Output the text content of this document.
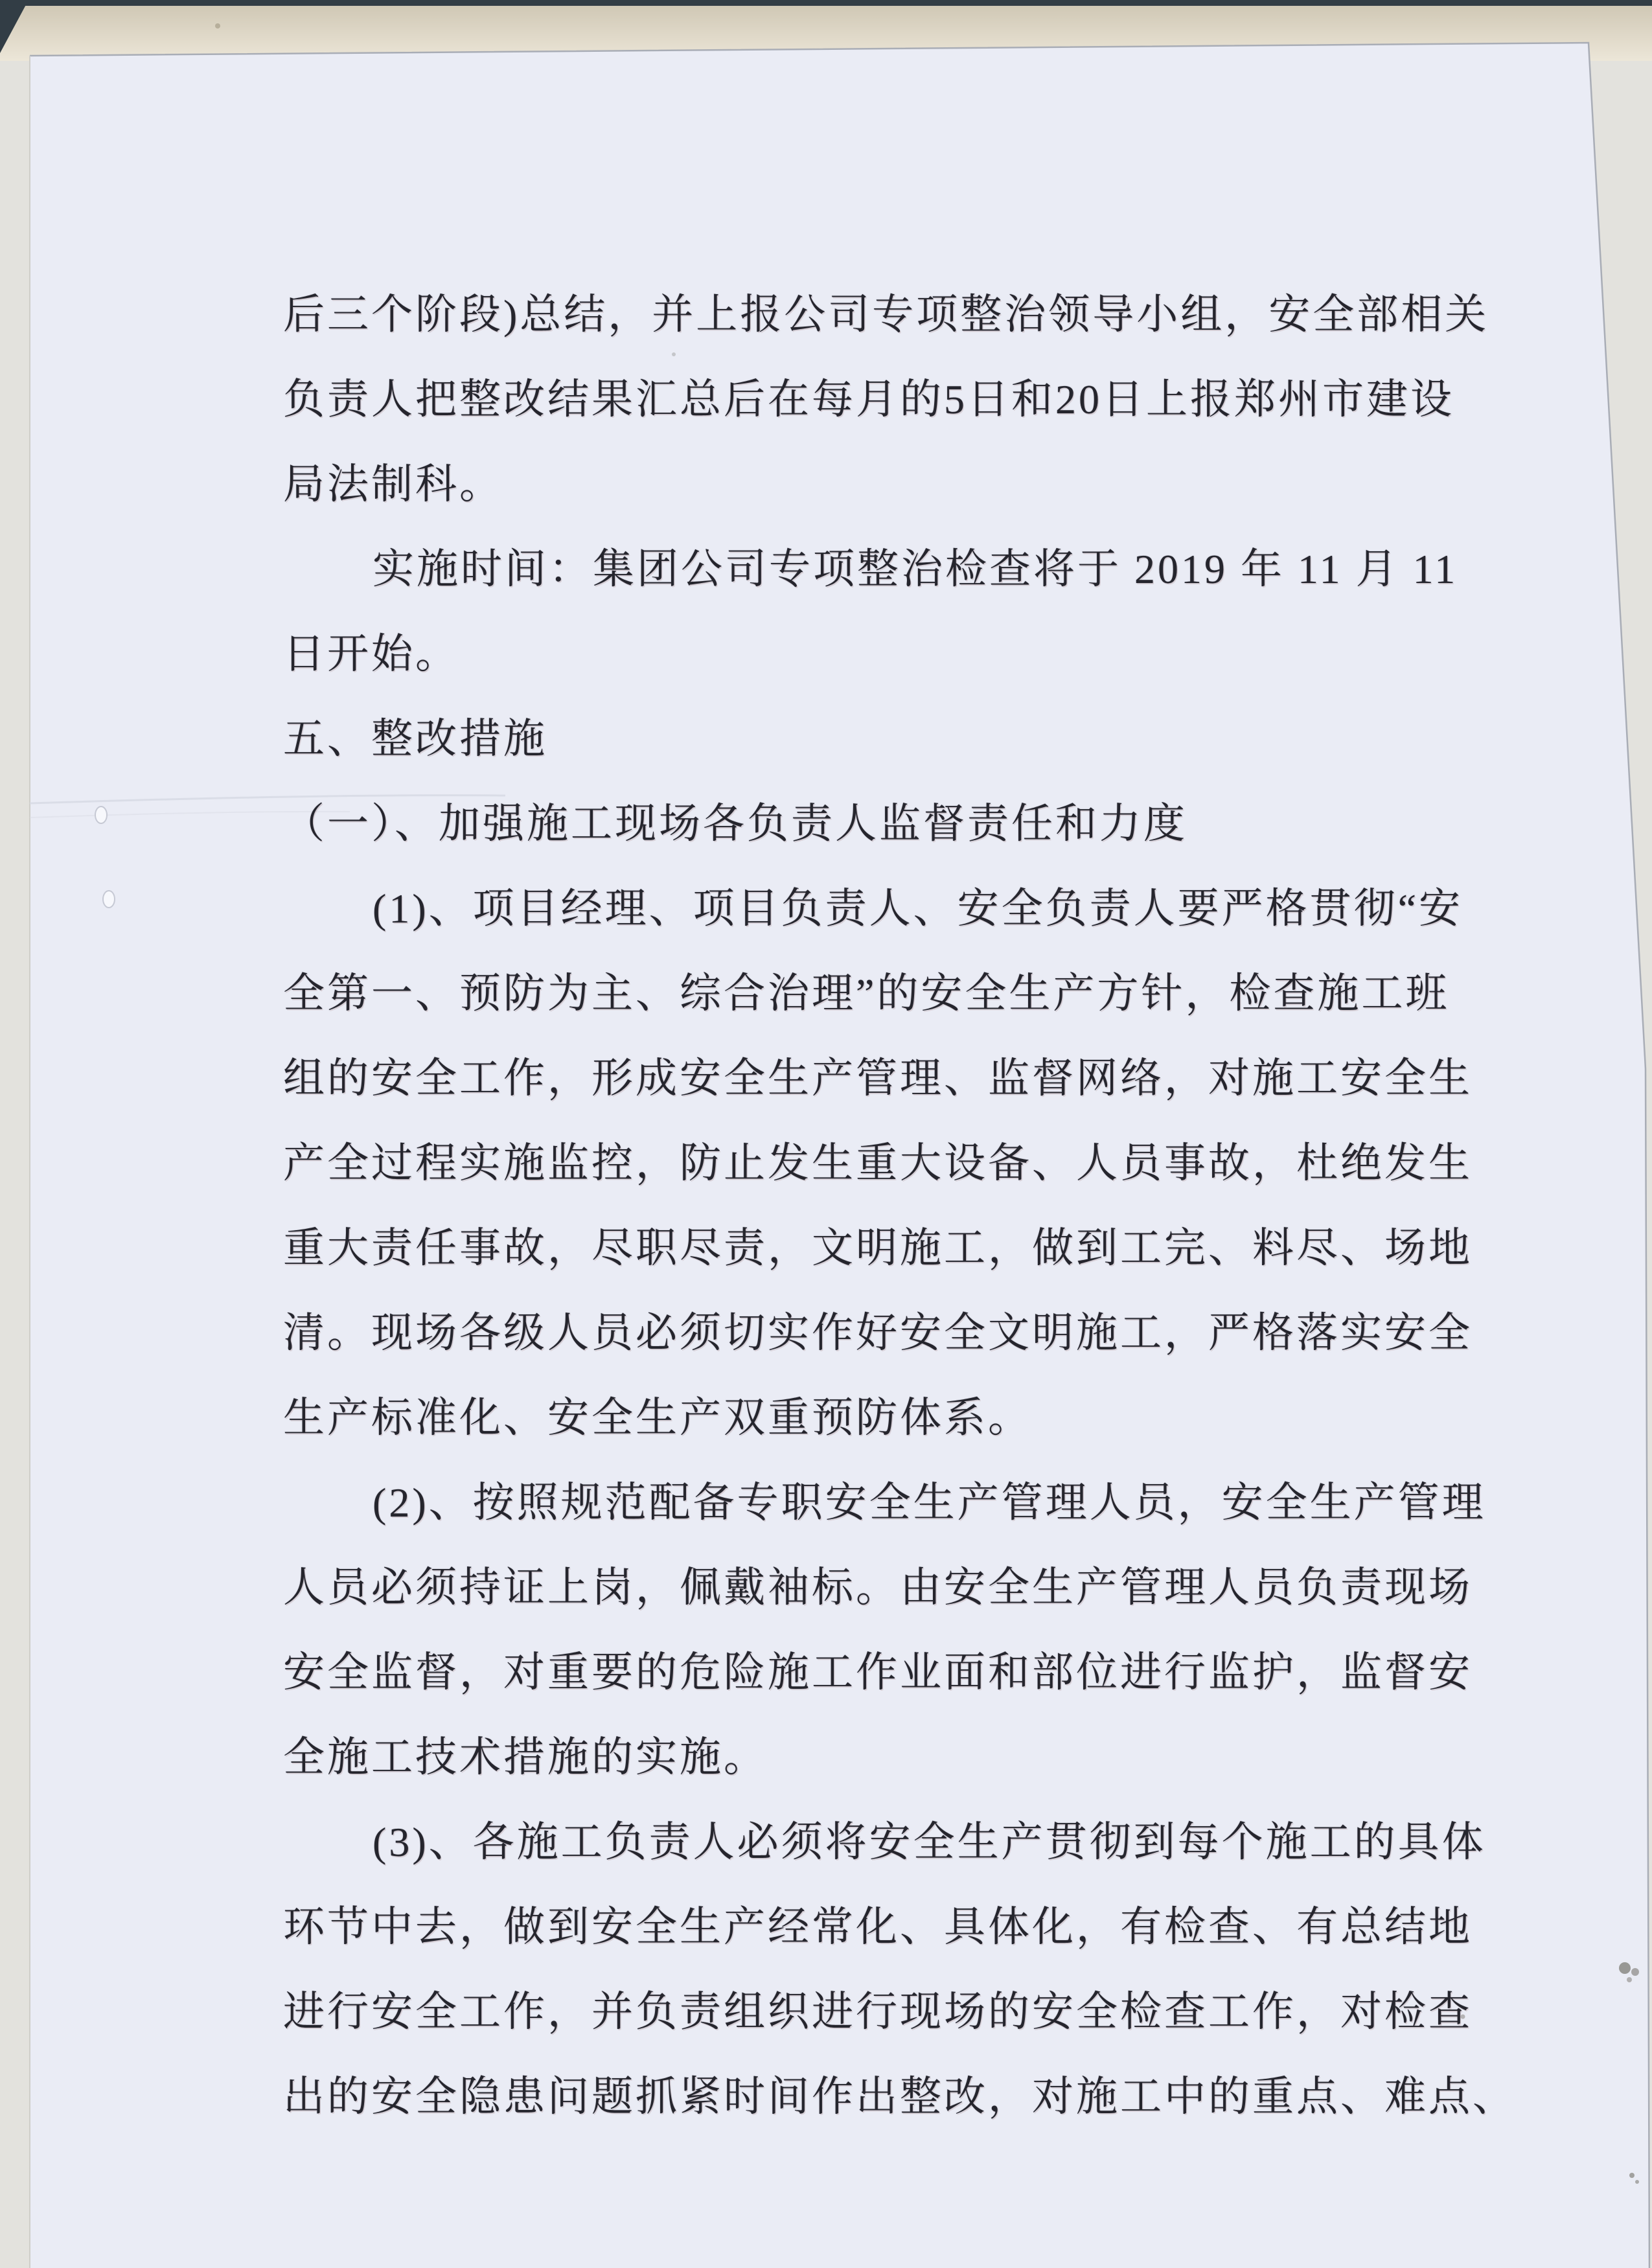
后三个阶段)总结，并上报公司专项整治领导小组，安全部相关
负责人把整改结果汇总后在每月的5日和20日上报郑州市建设
局法制科。
实施时间：集团公司专项整治检查将于 2019 年 11 月 11
日开始。
五、整改措施
（一）、加强施工现场各负责人监督责任和力度
(1)、项目经理、项目负责人、安全负责人要严格贯彻“安
全第一、预防为主、综合治理”的安全生产方针，检查施工班
组的安全工作，形成安全生产管理、监督网络，对施工安全生
产全过程实施监控，防止发生重大设备、人员事故，杜绝发生
重大责任事故，尽职尽责，文明施工，做到工完、料尽、场地
清。现场各级人员必须切实作好安全文明施工，严格落实安全
生产标准化、安全生产双重预防体系。
(2)、按照规范配备专职安全生产管理人员，安全生产管理
人员必须持证上岗，佩戴袖标。由安全生产管理人员负责现场
安全监督，对重要的危险施工作业面和部位进行监护，监督安
全施工技术措施的实施。
(3)、各施工负责人必须将安全生产贯彻到每个施工的具体
环节中去，做到安全生产经常化、具体化，有检查、有总结地
进行安全工作，并负责组织进行现场的安全检查工作，对检查
出的安全隐患问题抓紧时间作出整改，对施工中的重点、难点、
